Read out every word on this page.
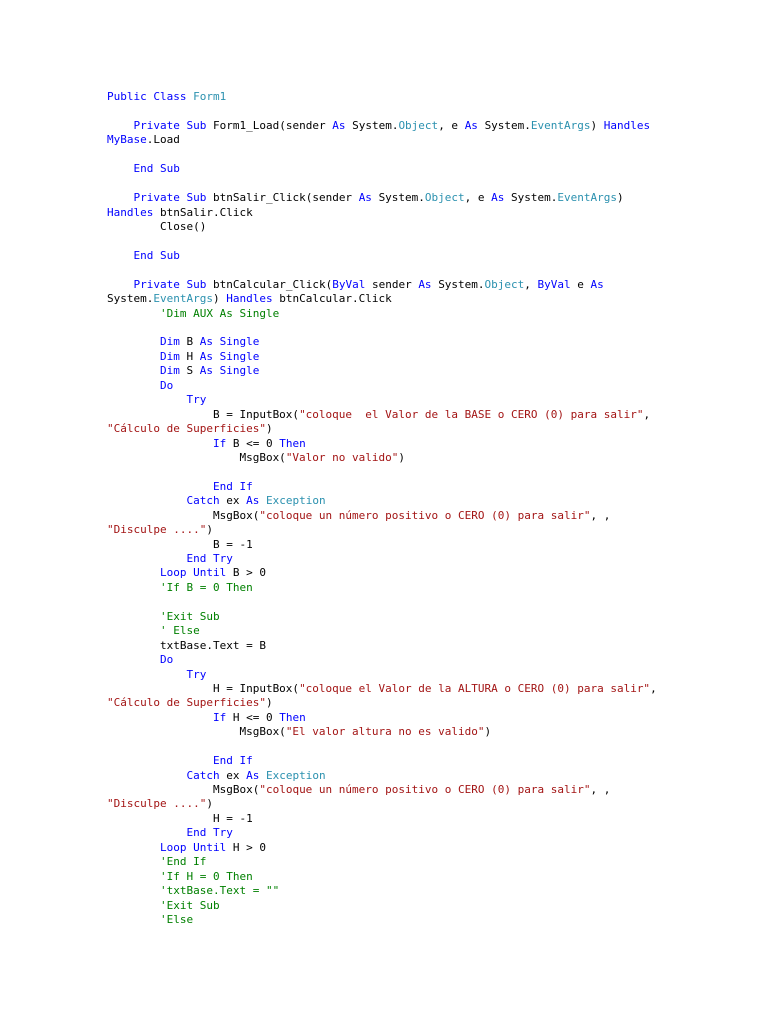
Public Class Form1
Private Sub Form1_Load(sender As System.Object, e As System.EventArgs) Handles
MyBase.Load
End Sub
Private Sub btnSalir_Click(sender As System.Object, e As System.EventArgs)
Handles btnSalir.Click
Close()
End Sub
Private Sub btnCalcular_Click(ByVal sender As System.Object, ByVal e As
System.EventArgs) Handles btnCalcular.Click
'Dim AUX As Single
Dim B As Single
Dim H As Single
Dim S As Single
Do
Try
B = InputBox("coloque  el Valor de la BASE o CERO (0) para salir",
"Cálculo de Superficies")
If B <= 0 Then
MsgBox("Valor no valido")
End If
Catch ex As Exception
MsgBox("coloque un número positivo o CERO (0) para salir", ,
"Disculpe ....")
B = -1
End Try
Loop Until B > 0
'If B = 0 Then
'Exit Sub
' Else
txtBase.Text = B
Do
Try
H = InputBox("coloque el Valor de la ALTURA o CERO (0) para salir",
"Cálculo de Superficies")
If H <= 0 Then
MsgBox("El valor altura no es valido")
End If
Catch ex As Exception
MsgBox("coloque un número positivo o CERO (0) para salir", ,
"Disculpe ....")
H = -1
End Try
Loop Until H > 0
'End If
'If H = 0 Then
'txtBase.Text = ""
'Exit Sub
'Else
